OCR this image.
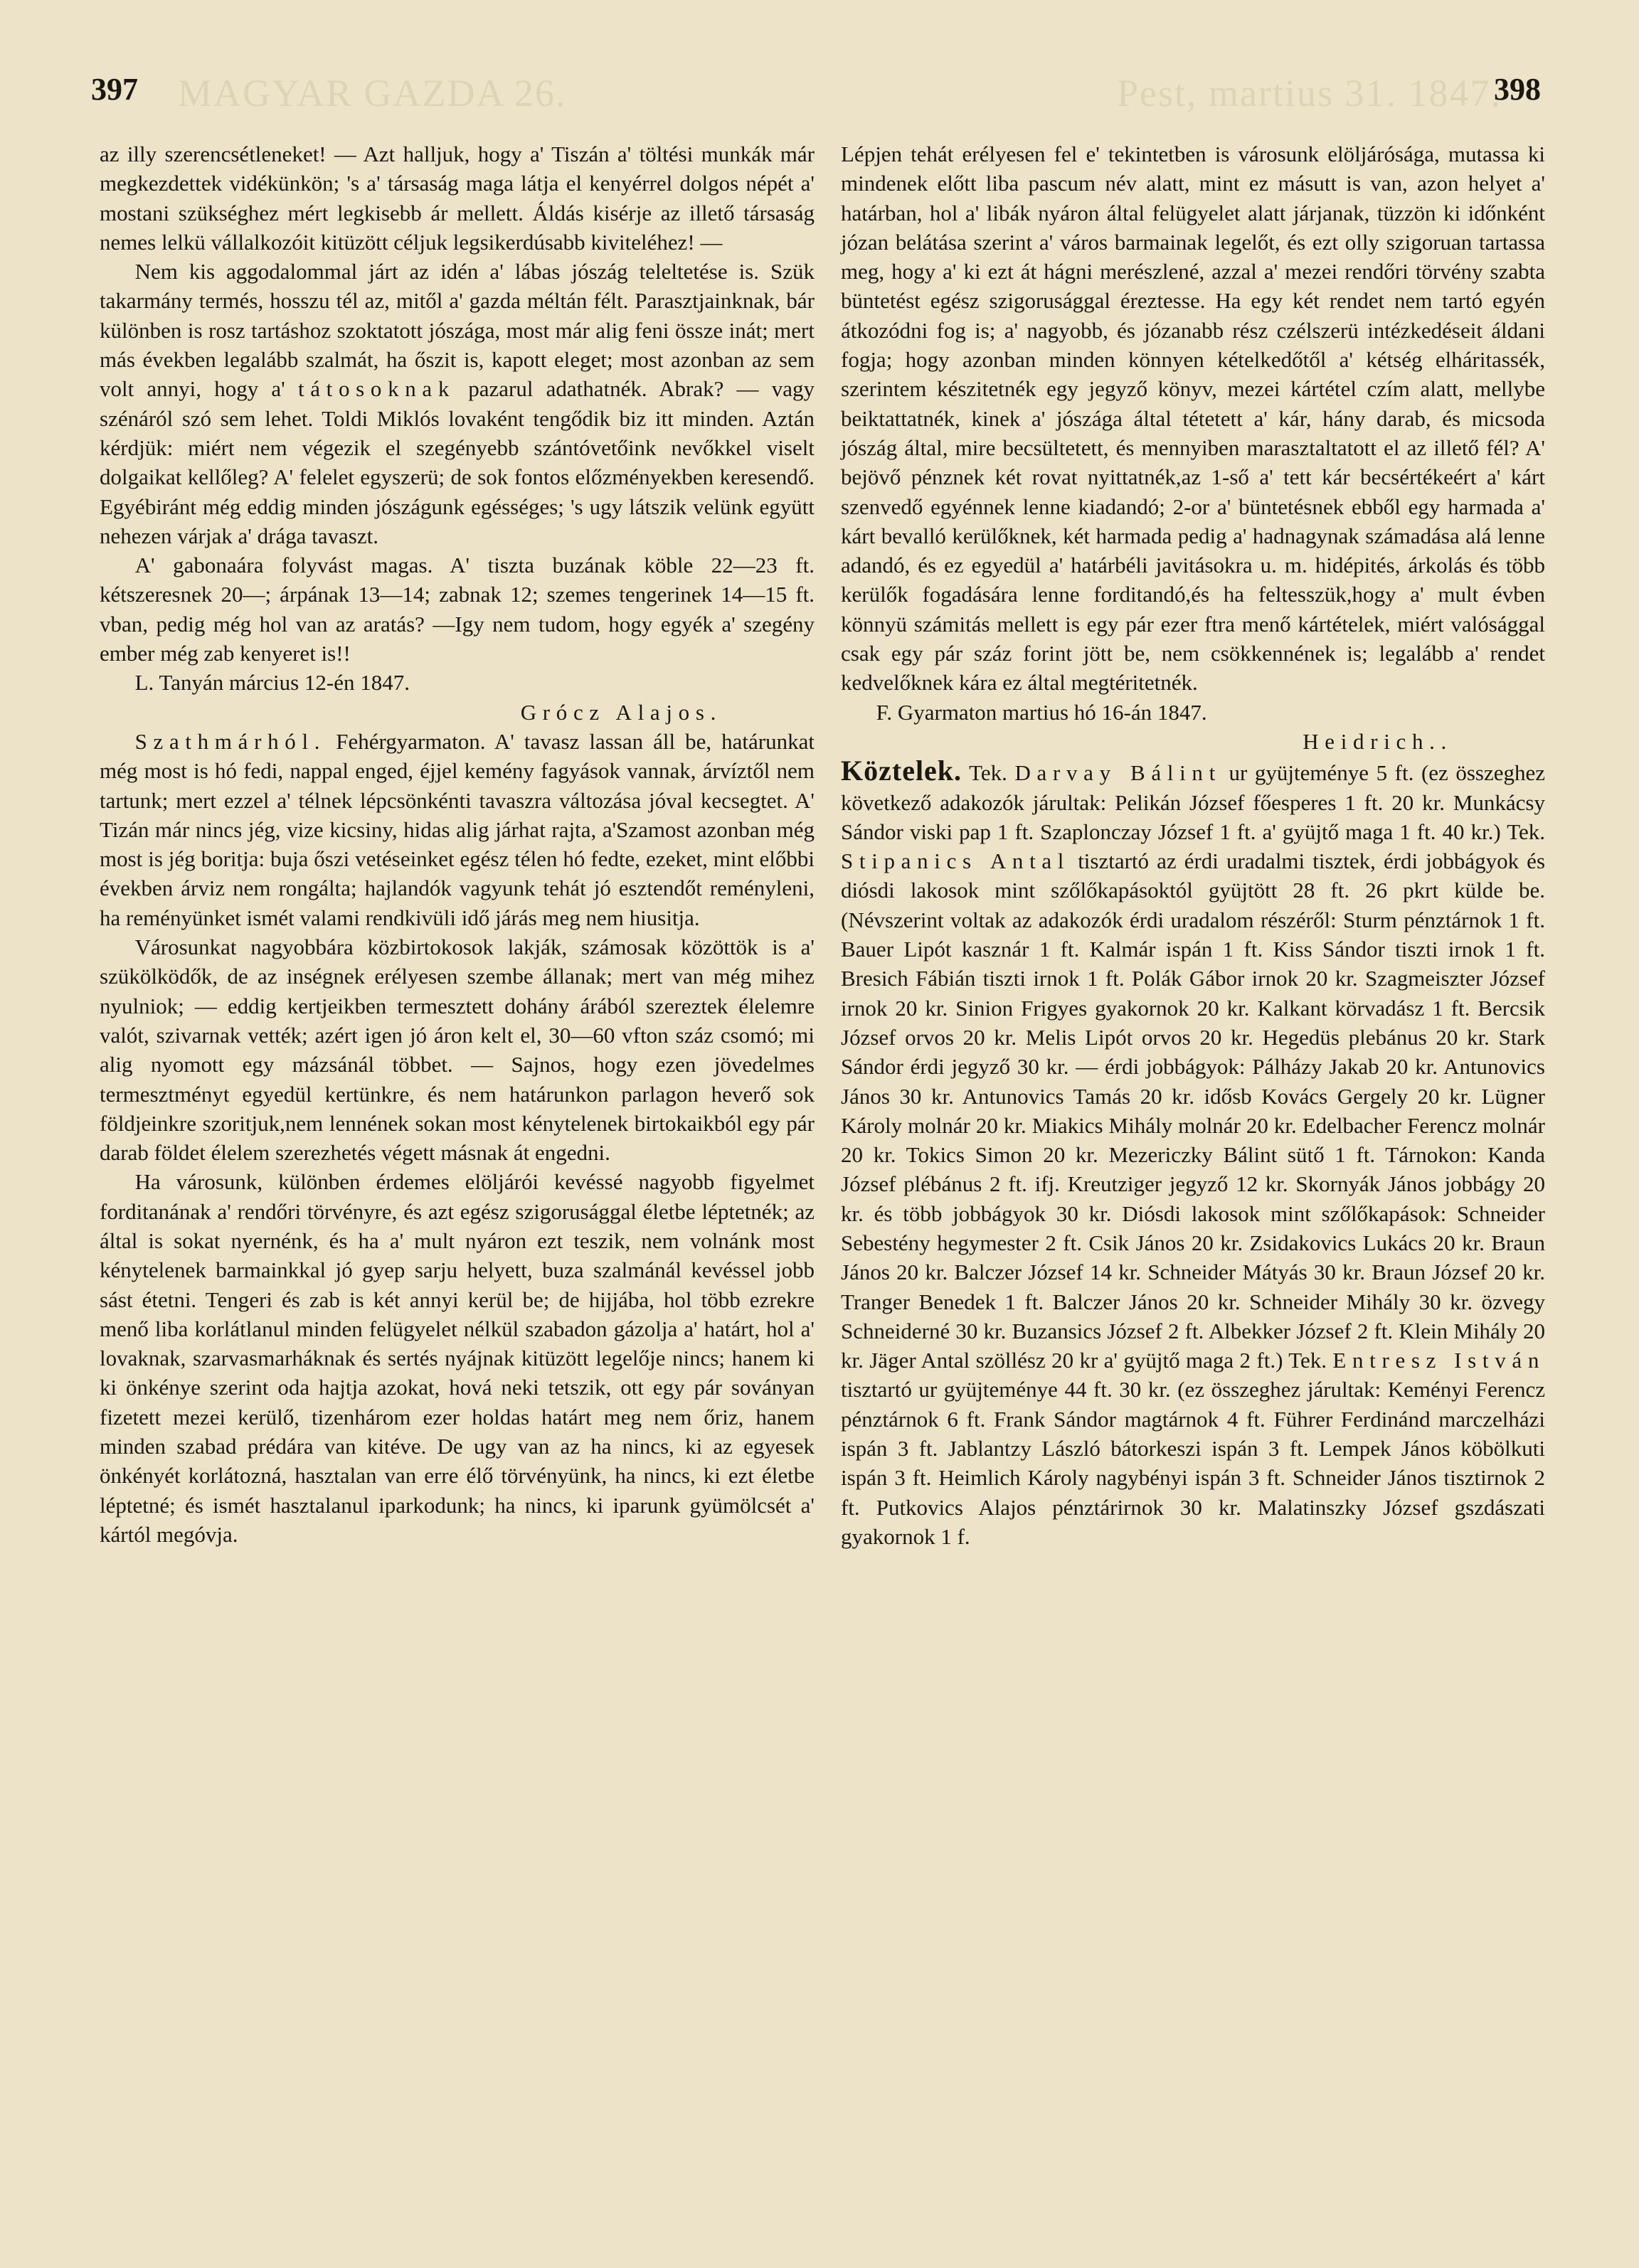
397 MAGYAR GAZDA 26.	Pest, martius 31. 1847.
398

az illy szerencsétleneket! — Azt halljuk, hogy a' Tiszán a' töltési munkák már megkezdettek vidékünkön; 's a' társaság maga látja el kenyérrel dolgos népét a' mostani szükséghez mért legkisebb ár mellett. Áldás kisérje az illető társaság nemes lelkü vállalkozóit kitüzött céljuk legsikerdúsabb kiviteléhez! —

Nem kis aggodalommal járt az idén a' lábas jószág teleltetése is. Szük takarmány termés, hosszu tél az, mitől a' gazda méltán félt. Parasztjainknak, bár különben is rosz tartáshoz szoktatott jószága, most már alig feni össze inát; mert más években legalább szalmát, ha őszit is, kapott eleget; most azonban az sem volt annyi, hogy a' tátosoknak pazarul adathatnék. Abrak? — vagy szénáról szó sem lehet. Toldi Miklós lovaként tengődik biz itt minden. Aztán kérdjük: miért nem végezik el szegényebb szántóvetőink nevőkkel viselt dolgaikat kellőleg? A' felelet egyszerü; de sok fontos előzményekben keresendő. Egyébiránt még eddig minden jószágunk egésséges; 's ugy látszik velünk együtt nehezen várjak a' drága tavaszt.

A' gabonaára folyvást magas. A' tiszta buzának köble 22—23 ft. kétszeresnek 20—; árpának 13—14; zabnak 12; szemes tengerinek 14—15 ft. vban, pedig még hol van az aratás? —Igy nem tudom, hogy egyék a' szegény ember még zab kenyeret is!!

L. Tanyán március 12-én 1847.

Grócz Alajos.

Szathmárhól. Fehérgyarmaton. A' tavasz lassan áll be, határunkat még most is hó fedi, nappal enged, éjjel kemény fagyások vannak, árvíztől nem tartunk; mert ezzel a' télnek lépcsönkénti tavaszra változása jóval kecsegtet. A' Tizán már nincs jég, vize kicsiny, hidas alig járhat rajta, a'Szamost azonban még most is jég boritja: buja őszi vetéseinket egész télen hó fedte, ezeket, mint előbbi években árviz nem rongálta; hajlandók vagyunk tehát jó esztendőt reményleni, ha reményünket ismét valami rendkivüli idő járás meg nem hiusitja.

Városunkat nagyobbára közbirtokosok lakják, számosak közöttök is a' szükölködők, de az inségnek erélyesen szembe állanak; mert van még mihez nyulniok; — eddig kertjeikben termesztett dohány árából szereztek élelemre valót, szivarnak vették; azért igen jó áron kelt el, 30—60 vfton száz csomó; mi alig nyomott egy mázsánál többet. — Sajnos, hogy ezen jövedelmes termesztményt egyedül kertünkre, és nem határunkon parlagon heverő sok földjeinkre szoritjuk,nem lennének sokan most kénytelenek birtokaikból egy pár darab földet élelem szerezhetés végett másnak át engedni.

Ha városunk, különben érdemes elöljárói kevéssé nagyobb figyelmet forditanának a' rendőri törvényre, és azt egész szigorusággal életbe léptetnék; az által is sokat nyernénk, és ha a' mult nyáron ezt teszik, nem volnánk most kénytelenek barmainkkal jó gyep sarju helyett, buza szalmánál kevéssel jobb sást étetni. Tengeri és zab is két annyi kerül be; de hijjába, hol több ezrekre menő liba korlátlanul minden felügyelet nélkül szabadon gázolja a' határt, hol a' lovaknak, szarvasmarháknak és sertés nyájnak kitüzött legelője nincs; hanem ki ki önkénye szerint oda hajtja azokat, hová neki tetszik, ott egy pár soványan fizetett mezei kerülő, tizenhárom ezer holdas határt meg nem őriz, hanem minden szabad prédára van kitéve. De ugy van az ha nincs, ki az egyesek önkényét korlátozná, hasztalan van erre élő törvényünk, ha nincs, ki ezt életbe léptetné; és ismét hasztalanul iparkodunk; ha nincs, ki iparunk gyümölcsét a' kártól megóvja.

Lépjen tehát erélyesen fel e' tekintetben is városunk elöljárósága, mutassa ki mindenek előtt liba pascum név alatt, mint ez másutt is van, azon helyet a' határban, hol a' libák nyáron által felügyelet alatt járjanak, tüzzön ki időnként józan belátása szerint a' város barmainak legelőt, és ezt olly szigoruan tartassa meg, hogy a' ki ezt át hágni merészlené, azzal a' mezei rendőri törvény szabta büntetést egész szigorusággal éreztesse. Ha egy két rendet nem tartó egyén átkozódni fog is; a' nagyobb, és józanabb rész czélszerü intézkedéseit áldani fogja; hogy azonban minden könnyen kételkedőtől a' kétség elháritassék, szerintem készitetnék egy jegyző könyv, mezei kártétel czím alatt, mellybe beiktattatnék, kinek a' jószága által tétetett a' kár, hány darab, és micsoda jószág által, mire becsültetett, és mennyiben marasztaltatott el az illető fél? A' bejövő pénznek két rovat nyittatnék,az 1-ső a' tett kár becsértékeért a' kárt szenvedő egyénnek lenne kiadandó; 2-or a' büntetésnek ebből egy harmada a' kárt bevalló kerülőknek, két harmada pedig a' hadnagynak számadása alá lenne adandó, és ez egyedül a' határbéli javitásokra u. m. hidépités, árkolás és több kerülők fogadására lenne forditandó,és ha feltesszük,hogy a' mult évben könnyü számitás mellett is egy pár ezer ftra menő kártételek, miért valósággal csak egy pár száz forint jött be, nem csökkennének is; legalább a' rendet kedvelőknek kára ez által megtéritetnék.

F. Gyarmaton martius hó 16-án 1847.

Heidrich..

Köztelek. Tek. Darvay Bálint ur gyüjteménye 5 ft. (ez összeghez következő adakozók járultak: Pelikán József főesperes 1 ft. 20 kr. Munkácsy Sándor viski pap 1 ft. Szaplonczay József 1 ft. a' gyüjtő maga 1 ft. 40 kr.) Tek. Stipanics Antal tisztartó az érdi uradalmi tisztek, érdi jobbágyok és diósdi lakosok mint szőlőkapásoktól gyüjtött 28 ft. 26 pkrt külde be. (Névszerint voltak az adakozók érdi uradalom részéről: Sturm pénztárnok 1 ft. Bauer Lipót kasznár 1 ft. Kalmár ispán 1 ft. Kiss Sándor tiszti irnok 1 ft. Bresich Fábián tiszti irnok 1 ft. Polák Gábor irnok 20 kr. Szagmeiszter József irnok 20 kr. Sinion Frigyes gyakornok 20 kr. Kalkant körvadász 1 ft. Bercsik József orvos 20 kr. Melis Lipót orvos 20 kr. Hegedüs plebánus 20 kr. Stark Sándor érdi jegyző 30 kr. — érdi jobbágyok: Pálházy Jakab 20 kr. Antunovics János 30 kr. Antunovics Tamás 20 kr. idősb Kovács Gergely 20 kr. Lügner Károly molnár 20 kr. Miakics Mihály molnár 20 kr. Edelbacher Ferencz molnár 20 kr. Tokics Simon 20 kr. Mezericzky Bálint sütő 1 ft. Tárnokon: Kanda József plébánus 2 ft. ifj. Kreutziger jegyző 12 kr. Skornyák János jobbágy 20 kr. és több jobbágyok 30 kr. Diósdi lakosok mint szőlőkapások: Schneider Sebestény hegymester 2 ft. Csik János 20 kr. Zsidakovics Lukács 20 kr. Braun János 20 kr. Balczer József 14 kr. Schneider Mátyás 30 kr. Braun József 20 kr. Tranger Benedek 1 ft. Balczer János 20 kr. Schneider Mihály 30 kr. özvegy Schneiderné 30 kr. Buzansics József 2 ft. Albekker József 2 ft. Klein Mihály 20 kr. Jäger Antal szöllész 20 kr a' gyüjtő maga 2 ft.) Tek. Entresz István tisztartó ur gyüjteménye 44 ft. 30 kr. (ez összeghez járultak: Keményi Ferencz pénztárnok 6 ft. Frank Sándor magtárnok 4 ft. Führer Ferdinánd marczelházi ispán 3 ft. Jablantzy László bátorkeszi ispán 3 ft. Lempek János köbölkuti ispán 3 ft. Heimlich Károly nagybényi ispán 3 ft. Schneider János tisztirnok 2 ft. Putkovics Alajos pénztárirnok 30 kr. Malatinszky József gszdászati gyakornok 1 f.
